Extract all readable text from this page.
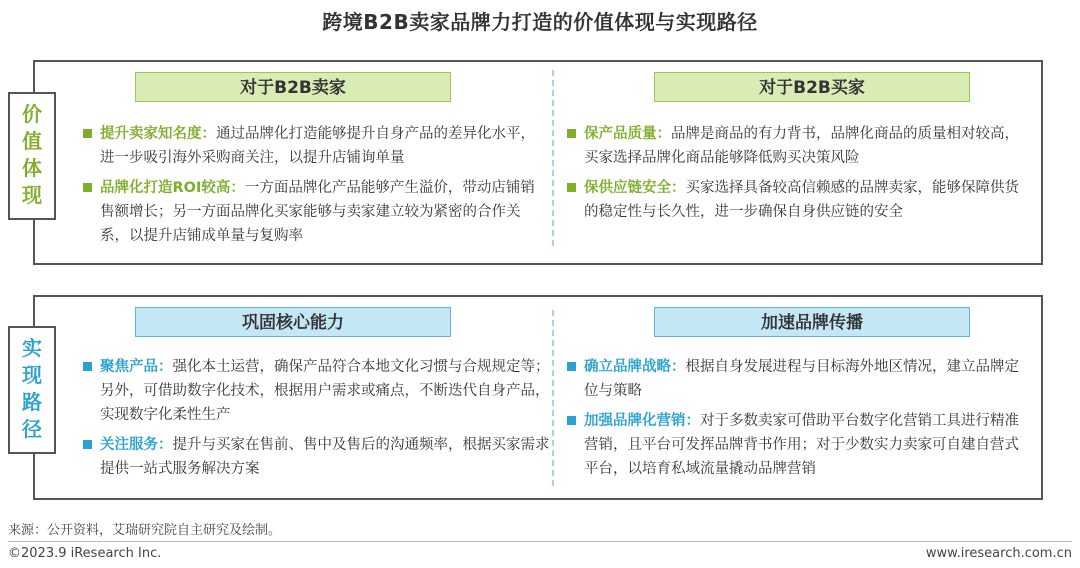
跨境B2B卖家品牌力打造的价值体现与实现路径
价
值
体
现
对于B2B卖家	对于B2B买家
提升卖家知名度：通过品牌化打造能够提升自身产品的差异化水平，进一步吸引海外采购商关注，以提升店铺询单量
品牌化打造ROI较高：一方面品牌化产品能够产生溢价，带动店铺销售额增长；另一方面品牌化买家能够与卖家建立较为紧密的合作关系，以提升店铺成单量与复购率
保产品质量：品牌是商品的有力背书，品牌化商品的质量相对较高，买家选择品牌化商品能够降低购买决策风险
保供应链安全：买家选择具备较高信赖感的品牌卖家，能够保障供货的稳定性与长久性，进一步确保自身供应链的安全
实
现
路
径
巩固核心能力	加速品牌传播
聚焦产品：强化本土运营，确保产品符合本地文化习惯与合规规定等；另外，可借助数字化技术，根据用户需求或痛点，不断迭代自身产品，实现数字化柔性生产
关注服务：提升与买家在售前、售中及售后的沟通频率，根据买家需求提供一站式服务解决方案
确立品牌战略：根据自身发展进程与目标海外地区情况，建立品牌定位与策略
加强品牌化营销：对于多数卖家可借助平台数字化营销工具进行精准营销，且平台可发挥品牌背书作用；对于少数实力卖家可自建自营式平台，以培育私域流量撬动品牌营销
来源：公开资料，艾瑞研究院自主研究及绘制。
©2023.9 iResearch Inc.	www.iresearch.com.cn
